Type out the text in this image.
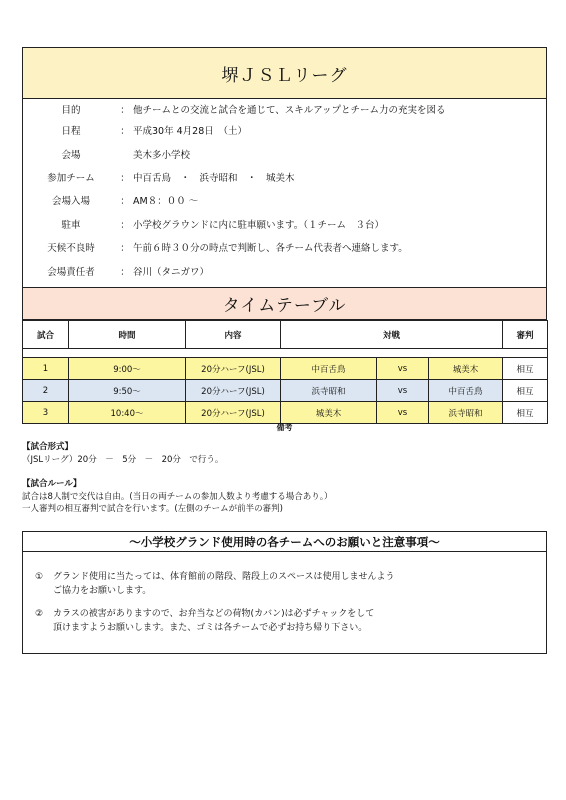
堺ＪＳＬリーグ
目的	： 他チームとの交流と試合を通じて、スキルアップとチーム力の充実を図る
日程	： 平成30年 4月28日　（土）
会場	美木多小学校
参加チーム	： 中百舌鳥　・　浜寺昭和　・　城美木
会場入場	： AM８：００ ～
駐車	： 小学校グラウンドに内に駐車願います。（１チーム　３台）
天候不良時	： 午前６時３０分の時点で判断し、各チーム代表者へ連絡します。
会場責任者	： 谷川（タニガワ）
タイムテーブル
試合	時間	内容	対戦			審判

1	9:00～	20分ハーフ(JSL)	中百舌鳥	vs	城美木	相互
2	9:50～	20分ハーフ(JSL)	浜寺昭和	vs	中百舌鳥	相互
3	10:40～	20分ハーフ(JSL)	城美木	vs	浜寺昭和	相互
備考
【試合形式】
（JSLリーグ）20分　－　5分　－　20分　で行う。
【試合ルール】
試合は8人制で交代は自由。(当日の両チームの参加人数より考慮する場合あり。）
一人審判の相互審判で試合を行います。(左側のチームが前半の審判)
～小学校グランド使用時の各チームへのお願いと注意事項～
①	グランド使用に当たっては、体育館前の階段、階段上のスペースは使用しませんよう
ご協力をお願いします。
②	カラスの被害がありますので、お弁当などの荷物(カバン)は必ずチャックをして
頂けますようお願いします。また、ゴミは各チームで必ずお持ち帰り下さい。
